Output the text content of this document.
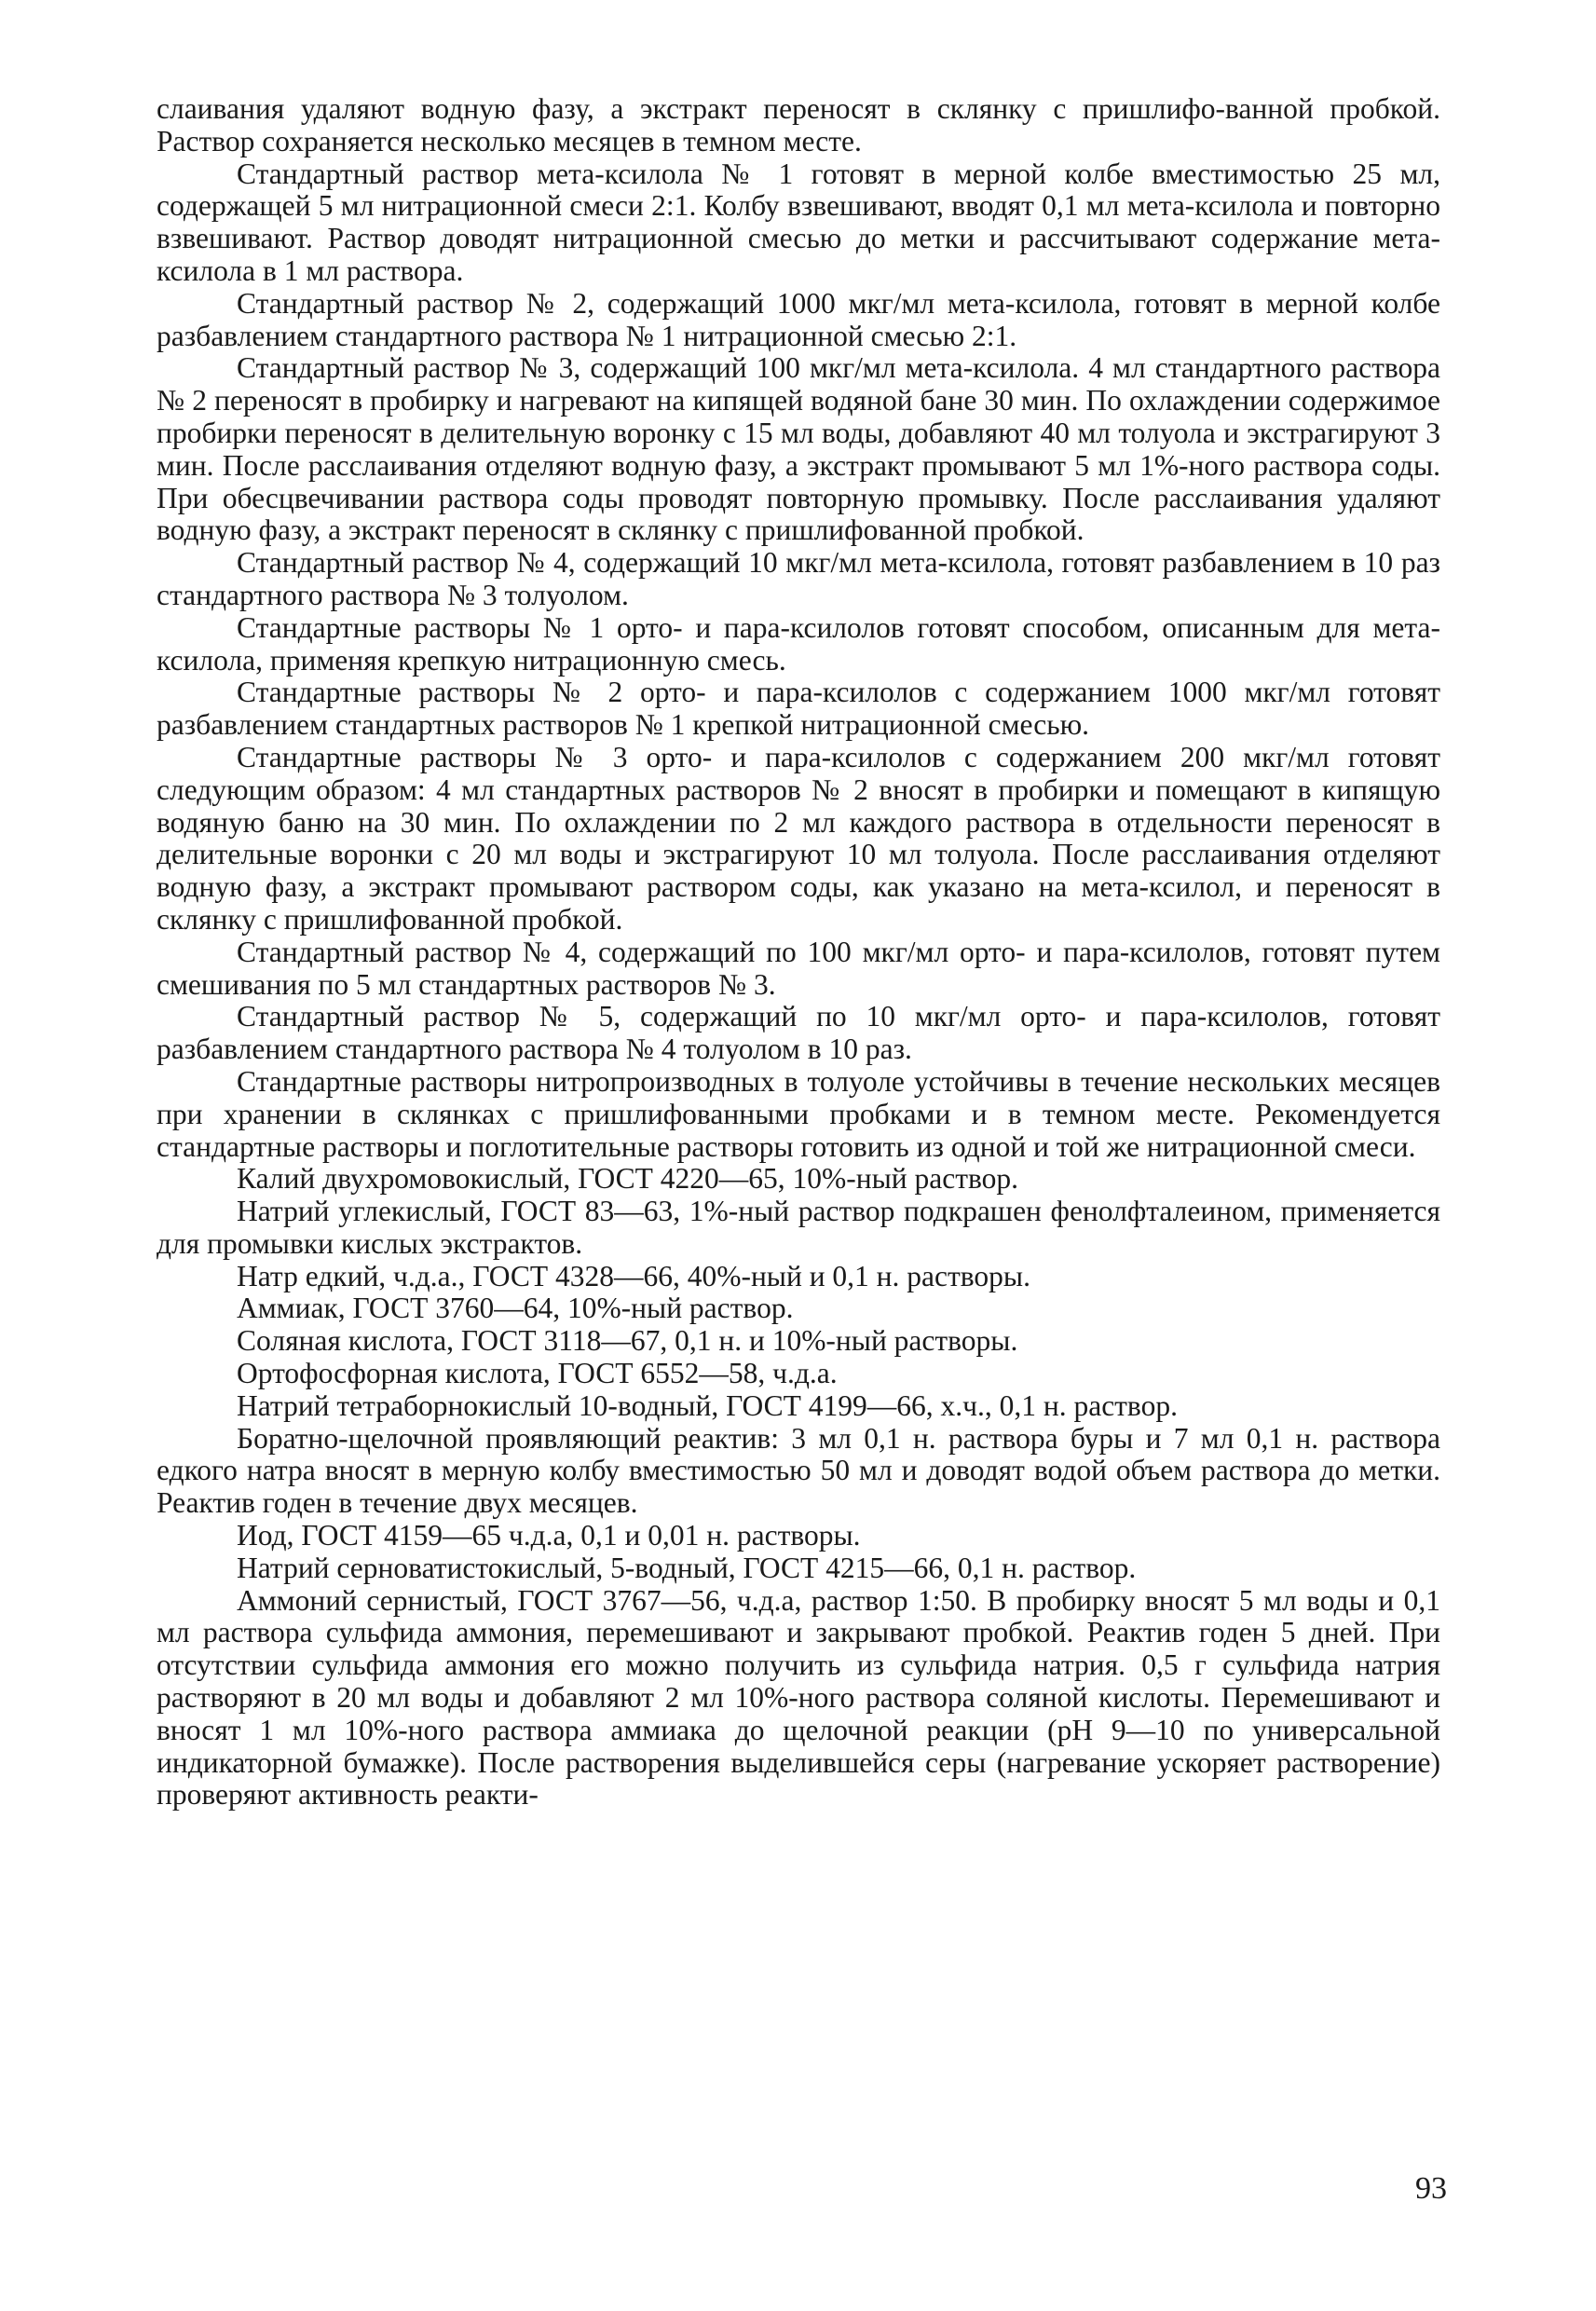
слаивания удаляют водную фазу, а экстракт переносят в склянку с пришлифо-ванной пробкой. Раствор сохраняется несколько месяцев в темном месте.

Стандартный раствор мета-ксилола № 1 готовят в мерной колбе вместимостью 25 мл, содержащей 5 мл нитрационной смеси 2:1. Колбу взвешивают, вводят 0,1 мл мета-ксилола и повторно взвешивают. Раствор доводят нитрационной смесью до метки и рассчитывают содержание мета-ксилола в 1 мл раствора.

Стандартный раствор № 2, содержащий 1000 мкг/мл мета-ксилола, готовят в мерной колбе разбавлением стандартного раствора № 1 нитрационной смесью 2:1.

Стандартный раствор № 3, содержащий 100 мкг/мл мета-ксилола. 4 мл стандартного раствора № 2 переносят в пробирку и нагревают на кипящей водяной бане 30 мин. По охлаждении содержимое пробирки переносят в делительную воронку с 15 мл воды, добавляют 40 мл толуола и экстрагируют 3 мин. После расслаивания отделяют водную фазу, а экстракт промывают 5 мл 1%-ного раствора соды. При обесцвечивании раствора соды проводят повторную промывку. После расслаивания удаляют водную фазу, а экстракт переносят в склянку с пришлифованной пробкой.

Стандартный раствор № 4, содержащий 10 мкг/мл мета-ксилола, готовят разбавлением в 10 раз стандартного раствора № 3 толуолом.

Стандартные растворы № 1 орто- и пара-ксилолов готовят способом, описанным для мета-ксилола, применяя крепкую нитрационную смесь.

Стандартные растворы № 2 орто- и пара-ксилолов с содержанием 1000 мкг/мл готовят разбавлением стандартных растворов № 1 крепкой нитрационной смесью.

Стандартные растворы № 3 орто- и пара-ксилолов с содержанием 200 мкг/мл готовят следующим образом: 4 мл стандартных растворов № 2 вносят в пробирки и помещают в кипящую водяную баню на 30 мин. По охлаждении по 2 мл каждого раствора в отдельности переносят в делительные воронки с 20 мл воды и экстрагируют 10 мл толуола. После расслаивания отделяют водную фазу, а экстракт промывают раствором соды, как указано на мета-ксилол, и переносят в склянку с пришлифованной пробкой.

Стандартный раствор № 4, содержащий по 100 мкг/мл орто- и пара-ксилолов, готовят путем смешивания по 5 мл стандартных растворов № 3.

Стандартный раствор № 5, содержащий по 10 мкг/мл орто- и пара-ксилолов, готовят разбавлением стандартного раствора № 4 толуолом в 10 раз.

Стандартные растворы нитропроизводных в толуоле устойчивы в течение нескольких месяцев при хранении в склянках с пришлифованными пробками и в темном месте. Рекомендуется стандартные растворы и поглотительные растворы готовить из одной и той же нитрационной смеси.

Калий двухромовокислый, ГОСТ 4220—65, 10%-ный раствор.

Натрий углекислый, ГОСТ 83—63, 1%-ный раствор подкрашен фенолфталеином, применяется для промывки кислых экстрактов.

Натр едкий, ч.д.а., ГОСТ 4328—66, 40%-ный и 0,1 н. растворы.

Аммиак, ГОСТ 3760—64, 10%-ный раствор.

Соляная кислота, ГОСТ 3118—67, 0,1 н. и 10%-ный растворы.

Ортофосфорная кислота, ГОСТ 6552—58, ч.д.а.

Натрий тетраборнокислый 10-водный, ГОСТ 4199—66, х.ч., 0,1 н. раствор.

Боратно-щелочной проявляющий реактив: 3 мл 0,1 н. раствора буры и 7 мл 0,1 н. раствора едкого натра вносят в мерную колбу вместимостью 50 мл и доводят водой объем раствора до метки. Реактив годен в течение двух месяцев.

Иод, ГОСТ 4159—65 ч.д.а, 0,1 и 0,01 н. растворы.

Натрий серноватистокислый, 5-водный, ГОСТ 4215—66, 0,1 н. раствор.

Аммоний сернистый, ГОСТ 3767—56, ч.д.а, раствор 1:50. В пробирку вносят 5 мл воды и 0,1 мл раствора сульфида аммония, перемешивают и закрывают пробкой. Реактив годен 5 дней. При отсутствии сульфида аммония его можно получить из сульфида натрия. 0,5 г сульфида натрия растворяют в 20 мл воды и добавляют 2 мл 10%-ного раствора соляной кислоты. Перемешивают и вносят 1 мл 10%-ного раствора аммиака до щелочной реакции (pH 9—10 по универсальной индикаторной бумажке). После растворения выделившейся серы (нагревание ускоряет растворение) проверяют активность реакти-

93
